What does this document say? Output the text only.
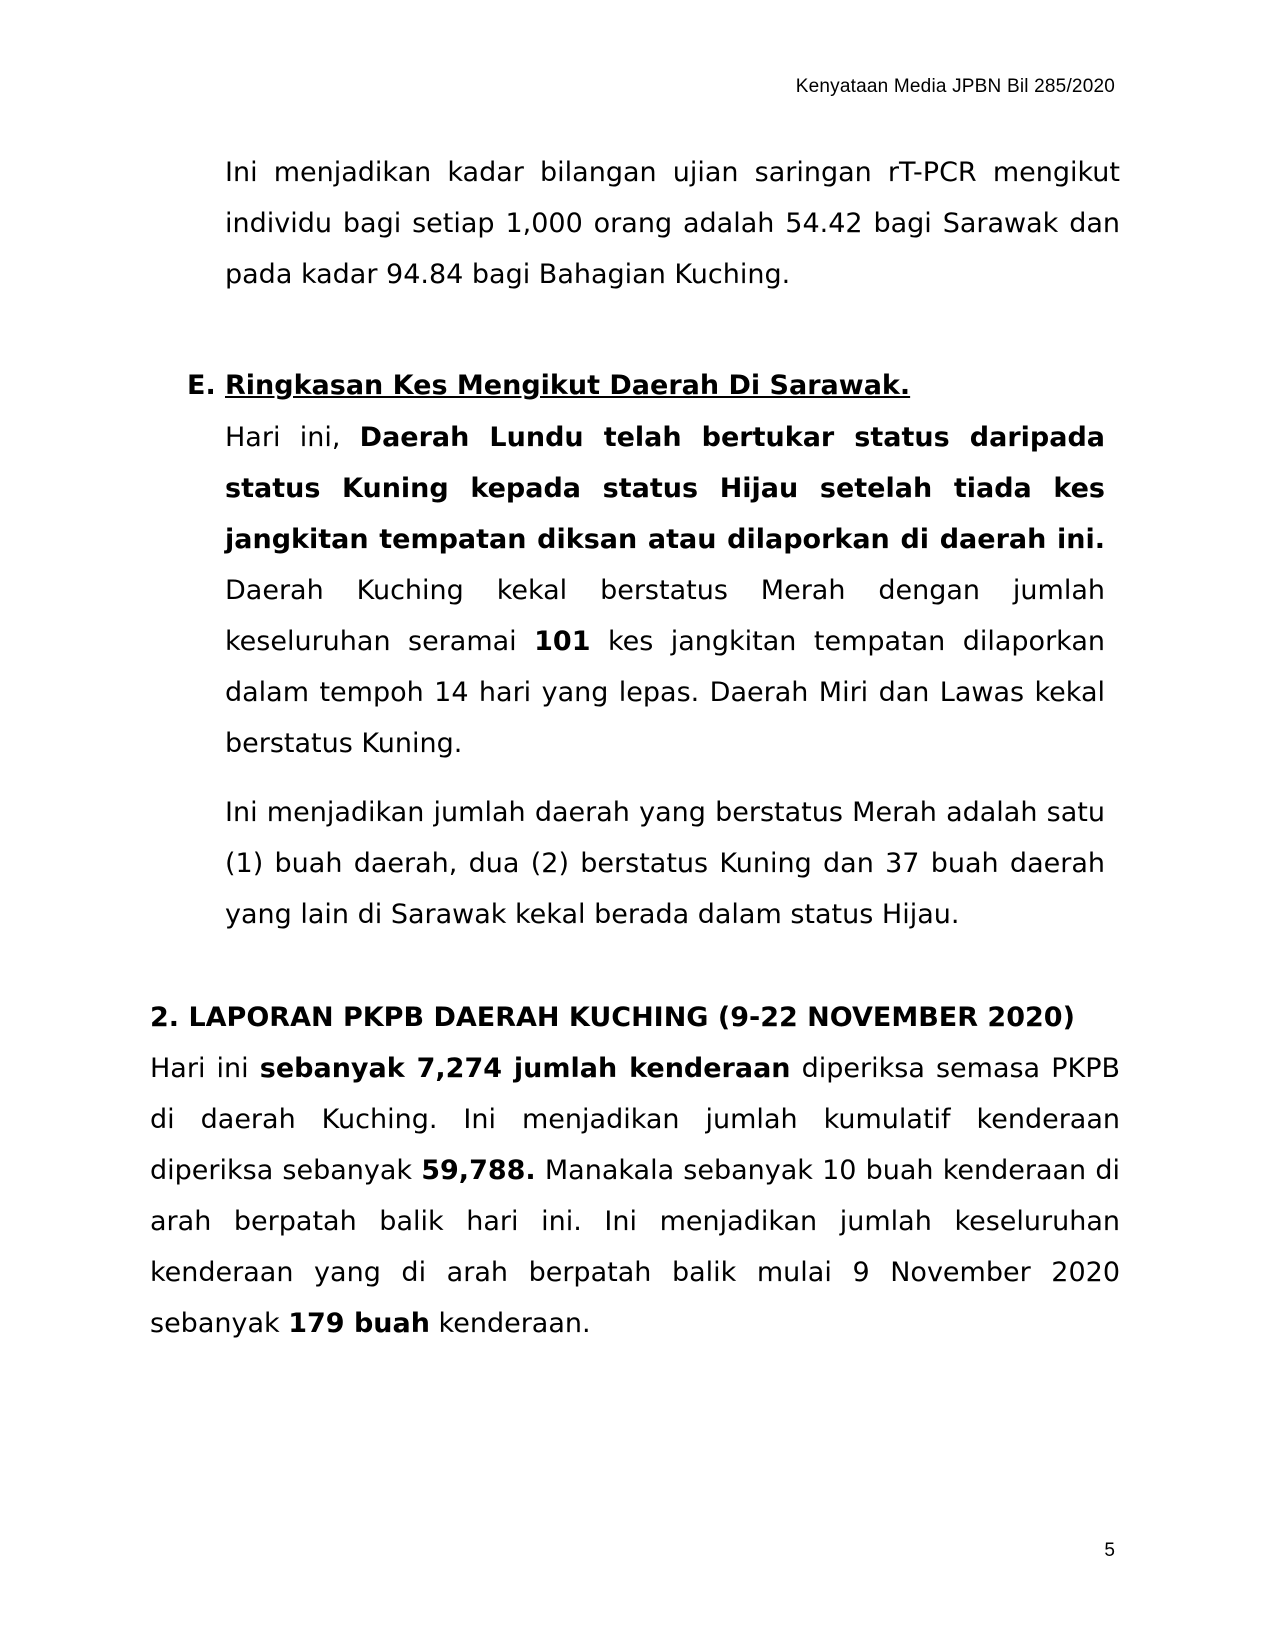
Kenyataan Media JPBN Bil 285/2020
Ini menjadikan kadar bilangan ujian saringan rT-PCR mengikut individu bagi setiap 1,000 orang adalah 54.42 bagi Sarawak dan pada kadar 94.84 bagi Bahagian Kuching.
E. Ringkasan Kes Mengikut Daerah Di Sarawak.
Hari ini, Daerah Lundu telah bertukar status daripada status Kuning kepada status Hijau setelah tiada kes jangkitan tempatan diksan atau dilaporkan di daerah ini. Daerah Kuching kekal berstatus Merah dengan jumlah keseluruhan seramai 101 kes jangkitan tempatan dilaporkan dalam tempoh 14 hari yang lepas. Daerah Miri dan Lawas kekal berstatus Kuning.
Ini menjadikan jumlah daerah yang berstatus Merah adalah satu (1) buah daerah, dua (2) berstatus Kuning dan 37 buah daerah yang lain di Sarawak kekal berada dalam status Hijau.
2. LAPORAN PKPB DAERAH KUCHING (9-22 NOVEMBER 2020)
Hari ini sebanyak 7,274 jumlah kenderaan diperiksa semasa PKPB di daerah Kuching. Ini menjadikan jumlah kumulatif kenderaan diperiksa sebanyak 59,788. Manakala sebanyak 10 buah kenderaan di arah berpatah balik hari ini. Ini menjadikan jumlah keseluruhan kenderaan yang di arah berpatah balik mulai 9 November 2020 sebanyak 179 buah kenderaan.
5
